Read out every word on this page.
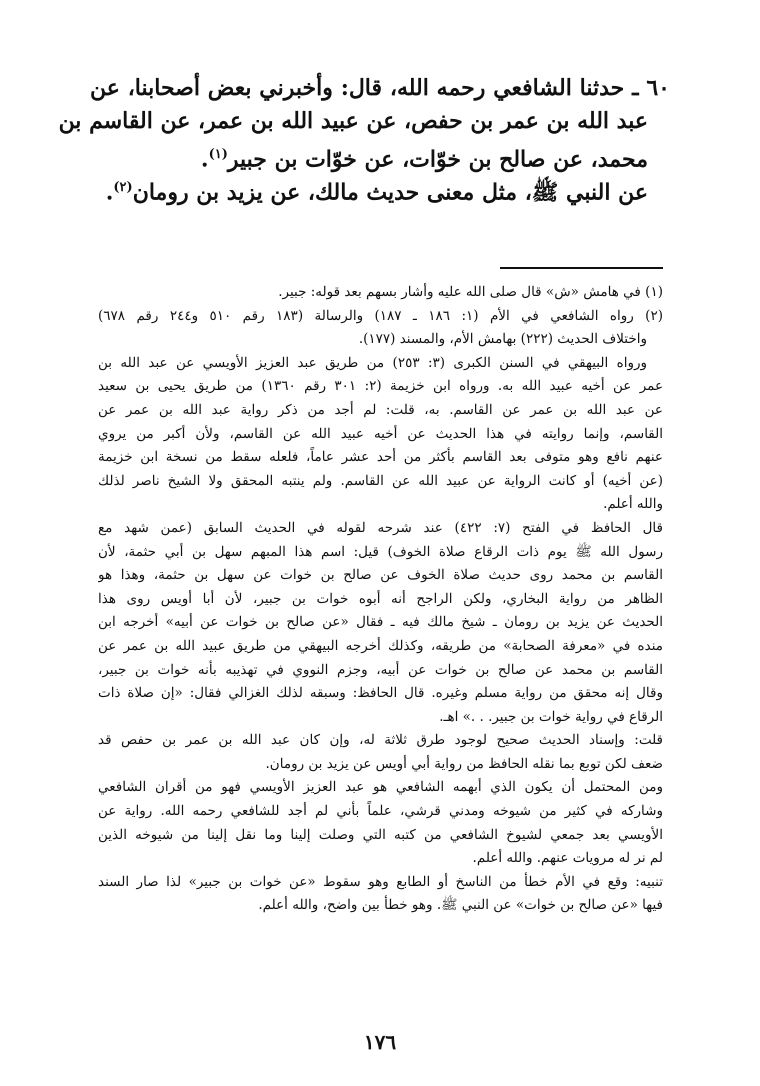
٦٠ ـ حدثنا الشافعي رحمه الله، قال: وأخبرني بعض أصحابنا، عن
عبد الله بن عمر بن حفص، عن عبيد الله بن عمر، عن القاسم بن
محمد، عن صالح بن خوّات، عن خوّات بن جبير$^{(١)}$.
عن النبي ﷺ، مثل معنى حديث مالك، عن يزيد بن رومان$^{(٢)}$.
(١) في هامش «ش» قال صلى الله عليه وأشار بسهم بعد قوله: جبير.
(٢) رواه الشافعي في الأم (١: ١٨٦ ـ ١٨٧) والرسالة (١٨٣ رقم ٥١٠ و٢٤٤ رقم ٦٧٨)
واختلاف الحديث (٢٢٢) بهامش الأم، والمسند (١٧٧).
ورواه البيهقي في السنن الكبرى (٣: ٢٥٣) من طريق عبد العزيز الأويسي عن عبد الله بن
عمر عن أخيه عبيد الله به. ورواه ابن خزيمة (٢: ٣٠١ رقم ١٣٦٠) من طريق يحيى بن سعيد
عن عبد الله بن عمر عن القاسم. به، قلت: لم أجد من ذكر رواية عبد الله بن عمر عن
القاسم، وإنما روايته في هذا الحديث عن أخيه عبيد الله عن القاسم، ولأن أكبر من يروي
عنهم نافع وهو متوفى بعد القاسم بأكثر من أحد عشر عاماً، فلعله سقط من نسخة ابن خزيمة
(عن أخيه) أو كانت الرواية عن عبيد الله عن القاسم. ولم ينتبه المحقق ولا الشيخ ناصر لذلك
والله أعلم.
قال الحافظ في الفتح (٧: ٤٢٢) عند شرحه لقوله في الحديث السابق (عمن شهد مع
رسول الله ﷺ يوم ذات الرقاع صلاة الخوف) قيل: اسم هذا المبهم سهل بن أبي حثمة، لأن
القاسم بن محمد روى حديث صلاة الخوف عن صالح بن خوات عن سهل بن حثمة، وهذا هو
الظاهر من رواية البخاري، ولكن الراجح أنه أبوه خوات بن جبير، لأن أبا أويس روى هذا
الحديث عن يزيد بن رومان ـ شيخ مالك فيه ـ فقال «عن صالح بن خوات عن أبيه» أخرجه ابن
منده في «معرفة الصحابة» من طريقه، وكذلك أخرجه البيهقي من طريق عبيد الله بن عمر عن
القاسم بن محمد عن صالح بن خوات عن أبيه، وجزم النووي في تهذيبه بأنه خوات بن جبير،
وقال إنه محقق من رواية مسلم وغيره. قال الحافظ: وسبقه لذلك الغزالي فقال: «إن صلاة ذات
الرقاع في رواية خوات بن جبير. . .» اهـ.
قلت: وإسناد الحديث صحيح لوجود طرق ثلاثة له، وإن كان عبد الله بن عمر بن حفص قد
ضعف لكن توبع بما نقله الحافظ من رواية أبي أويس عن يزيد بن رومان.
ومن المحتمل أن يكون الذي أبهمه الشافعي هو عبد العزيز الأويسي فهو من أقران الشافعي
وشاركه في كثير من شيوخه ومدني قرشي، علماً بأني لم أجد للشافعي رحمه الله. رواية عن
الأويسي بعد جمعي لشيوخ الشافعي من كتبه التي وصلت إلينا وما نقل إلينا من شيوخه الذين
لم نر له مرويات عنهم. والله أعلم.
تنبيه: وقع في الأم خطأ من الناسخ أو الطابع وهو سقوط «عن خوات بن جبير» لذا صار السند
فيها «عن صالح بن خوات» عن النبي ﷺ. وهو خطأ بين واضح، والله أعلم.
١٧٦
